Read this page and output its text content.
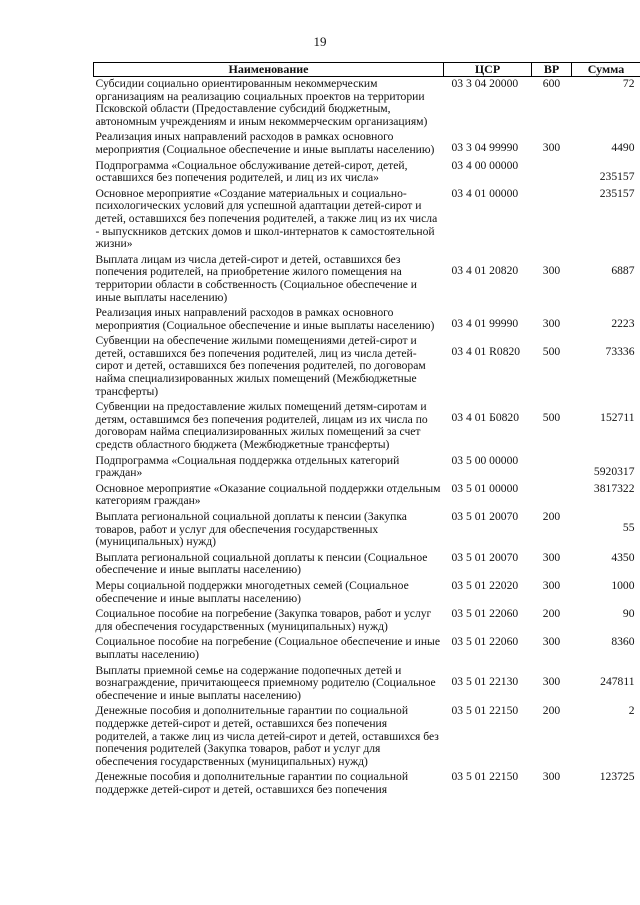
19
Наименование	ЦСР	ВР	Сумма
Субсидии социально ориентированным некоммерческим организациям на реализацию социальных проектов на территории Псковской области (Предоставление субсидий бюджетным, автономным учреждениям и иным некоммерческим организациям)	03 3 04 20000	600	72
Реализация иных направлений расходов в рамках основного мероприятия (Социальное обеспечение и иные выплаты населению)	03 3 04 99990	300	4490
Подпрограмма «Социальное обслуживание детей-сирот, детей, оставшихся без попечения родителей, и лиц из их числа»	03 4 00 00000		235157
Основное мероприятие «Создание материальных и социально-психологических условий для успешной адаптации детей-сирот и детей, оставшихся без попечения родителей, а также лиц из их числа - выпускников детских домов и школ-интернатов к самостоятельной жизни»	03 4 01 00000		235157
Выплата лицам из числа детей-сирот и детей, оставшихся без попечения родителей, на приобретение жилого помещения на территории области в собственность (Социальное обеспечение и иные выплаты населению)	03 4 01 20820	300	6887
Реализация иных направлений расходов в рамках основного мероприятия (Социальное обеспечение и иные выплаты населению)	03 4 01 99990	300	2223
Субвенции на обеспечение жилыми помещениями детей-сирот и детей, оставшихся без попечения родителей, лиц из числа детей-сирот и детей, оставшихся без попечения родителей, по договорам найма специализированных жилых помещений (Межбюджетные трансферты)	03 4 01 R0820	500	73336
Субвенции на предоставление жилых помещений детям-сиротам и детям, оставшимся без попечения родителей, лицам из их числа по договорам найма специализированных жилых помещений за счет средств областного бюджета (Межбюджетные трансферты)	03 4 01 Б0820	500	152711
Подпрограмма «Социальная поддержка отдельных категорий граждан»	03 5 00 00000		5920317
Основное мероприятие «Оказание социальной поддержки отдельным категориям граждан»	03 5 01 00000		3817322
Выплата региональной социальной доплаты к пенсии (Закупка товаров, работ и услуг для обеспечения государственных (муниципальных) нужд)	03 5 01 20070	200	55
Выплата региональной социальной доплаты к пенсии (Социальное обеспечение и иные выплаты населению)	03 5 01 20070	300	4350
Меры социальной поддержки многодетных семей (Социальное обеспечение и иные выплаты населению)	03 5 01 22020	300	1000
Социальное пособие на погребение (Закупка товаров, работ и услуг для обеспечения государственных (муниципальных) нужд)	03 5 01 22060	200	90
Социальное пособие на погребение (Социальное обеспечение и иные выплаты населению)	03 5 01 22060	300	8360
Выплаты приемной семье на содержание подопечных детей и вознаграждение, причитающееся приемному родителю (Социальное обеспечение и иные выплаты населению)	03 5 01 22130	300	247811
Денежные пособия и дополнительные гарантии по социальной поддержке детей-сирот и детей, оставшихся без попечения родителей, а также лиц из числа детей-сирот и детей, оставшихся без попечения родителей (Закупка товаров, работ и услуг для обеспечения государственных (муниципальных) нужд)	03 5 01 22150	200	2
Денежные пособия и дополнительные гарантии по социальной поддержке детей-сирот и детей, оставшихся без попечения	03 5 01 22150	300	123725
